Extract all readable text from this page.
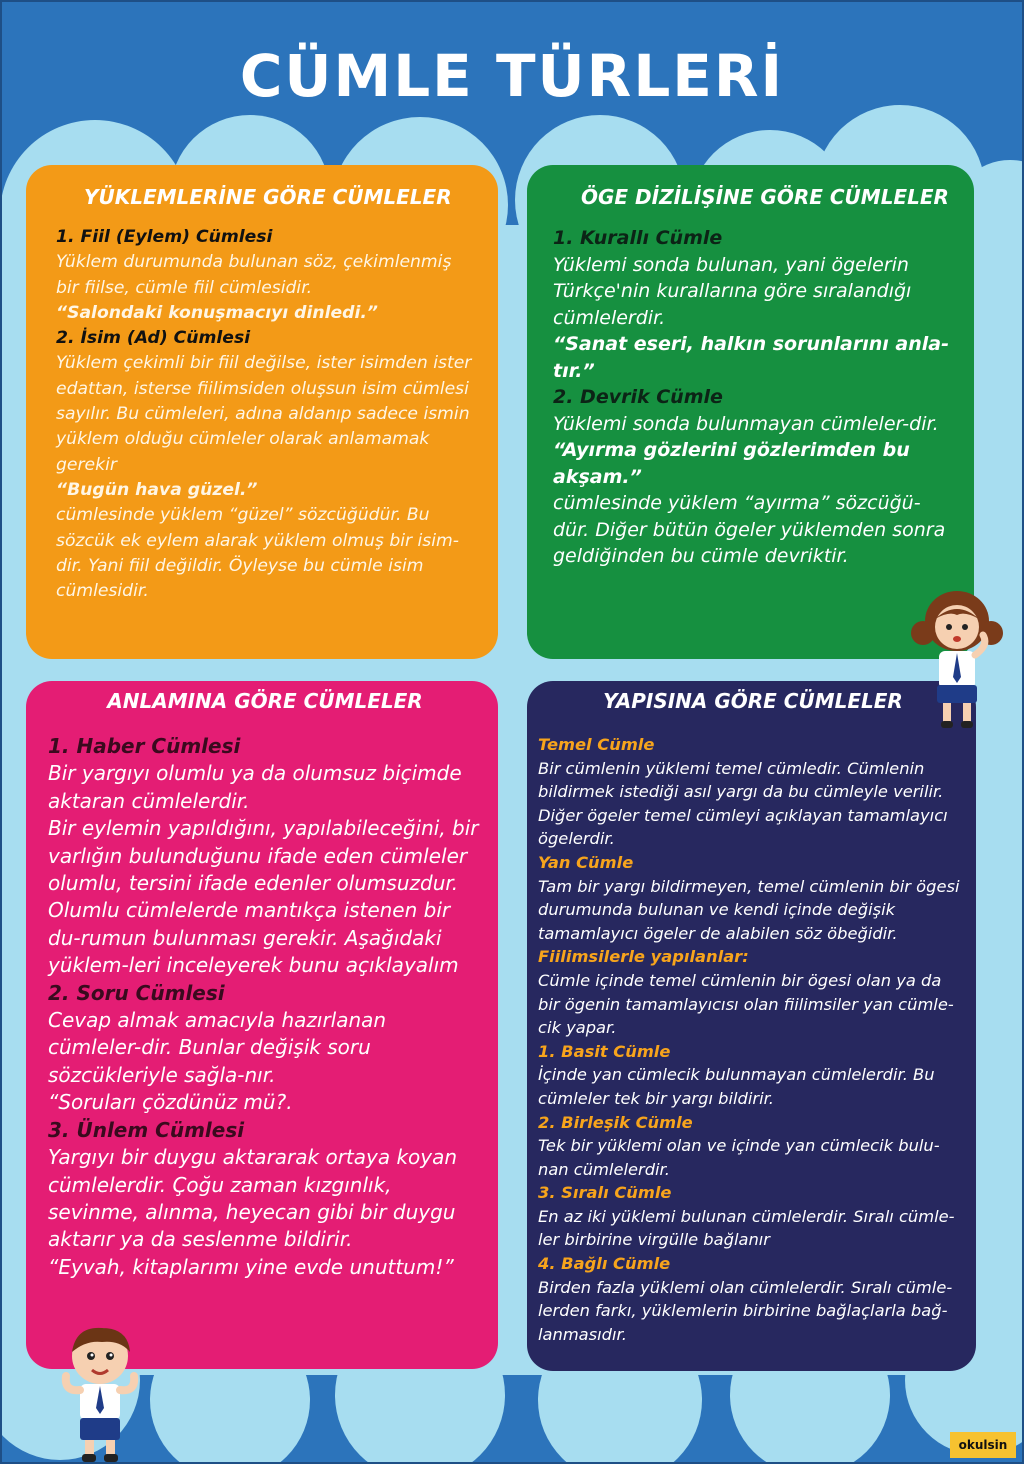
CÜMLE TÜRLERİ
YÜKLEMLERİNE GÖRE CÜMLELER
1. Fiil (Eylem) Cümlesi
Yüklem durumunda bulunan söz, çekimlenmiş bir fiilse, cümle fiil cümlesidir.
“Salondaki konuşmacıyı dinledi.”
2. İsim (Ad) Cümlesi
Yüklem çekimli bir fiil değilse, ister isimden ister edattan, isterse fiilimsiden oluşsun isim cümlesi sayılır. Bu cümleleri, adına aldanıp sadece ismin yüklem olduğu cümleler olarak anlamamak gerekir
“Bugün hava güzel.”
cümlesinde yüklem “güzel” sözcüğüdür. Bu sözcük ek eylem alarak yüklem olmuş bir isim-dir. Yani fiil değildir. Öyleyse bu cümle isim cümlesidir.
ÖGE DİZİLİŞİNE GÖRE CÜMLELER
1. Kurallı Cümle
Yüklemi sonda bulunan, yani ögelerin Türkçe'nin kurallarına göre sıralandığı cümlelerdir.
“Sanat eseri, halkın sorunlarını anla-tır.”
2. Devrik Cümle
Yüklemi sonda bulunmayan cümleler-dir.
“Ayırma gözlerini gözlerimden bu akşam.”
cümlesinde yüklem “ayırma” sözcüğü-dür. Diğer bütün ögeler yüklemden sonra geldiğinden bu cümle devriktir.
ANLAMINA GÖRE CÜMLELER
1. Haber Cümlesi
Bir yargıyı olumlu ya da olumsuz biçimde aktaran cümlelerdir.
Bir eylemin yapıldığını, yapılabileceğini, bir varlığın bulunduğunu ifade eden cümleler olumlu, tersini ifade edenler olumsuzdur. Olumlu cümlelerde mantıkça istenen bir du-rumun bulunması gerekir. Aşağıdaki yüklem-leri inceleyerek bunu açıklayalım
2. Soru Cümlesi
Cevap almak amacıyla hazırlanan cümleler-dir. Bunlar değişik soru sözcükleriyle sağla-nır.
“Soruları çözdünüz mü?.
3. Ünlem Cümlesi
Yargıyı bir duygu aktararak ortaya koyan cümlelerdir. Çoğu zaman kızgınlık, sevinme, alınma, heyecan gibi bir duygu aktarır ya da seslenme bildirir.
“Eyvah, kitaplarımı yine evde unuttum!”
YAPISINA GÖRE CÜMLELER
Temel Cümle
Bir cümlenin yüklemi temel cümledir. Cümlenin bildirmek istediği asıl yargı da bu cümleyle verilir. Diğer ögeler temel cümleyi açıklayan tamamlayıcı ögelerdir.
Yan Cümle
Tam bir yargı bildirmeyen, temel cümlenin bir ögesi durumunda bulunan ve kendi içinde değişik tamamlayıcı ögeler de alabilen söz öbeğidir.
Fiilimsilerle yapılanlar:
Cümle içinde temel cümlenin bir ögesi olan ya da bir ögenin tamamlayıcısı olan fiilimsiler yan cümle-cik yapar.
1. Basit Cümle
İçinde yan cümlecik bulunmayan cümlelerdir. Bu cümleler tek bir yargı bildirir.
2. Birleşik Cümle
Tek bir yüklemi olan ve içinde yan cümlecik bulu-nan cümlelerdir.
3. Sıralı Cümle
En az iki yüklemi bulunan cümlelerdir. Sıralı cümle-ler birbirine virgülle bağlanır
4. Bağlı Cümle
Birden fazla yüklemi olan cümlelerdir. Sıralı cümle-lerden farkı, yüklemlerin birbirine bağlaçlarla bağ-lanmasıdır.
okulsin
